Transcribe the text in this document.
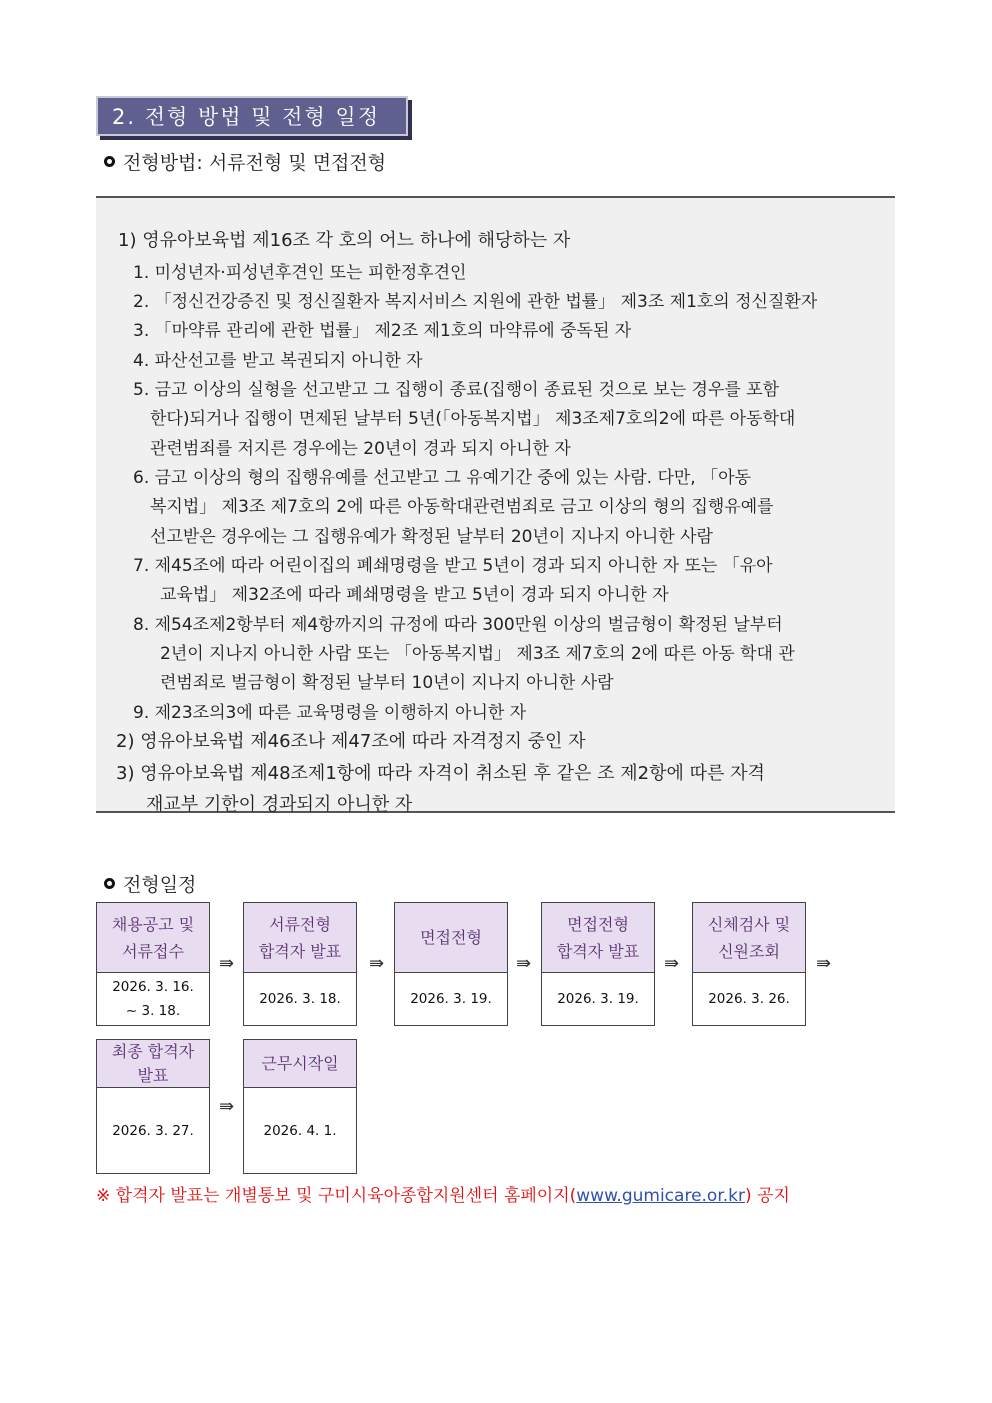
2. 전형 방법 및 전형 일정
전형방법: 서류전형 및 면접전형
1) 영유아보육법 제16조 각 호의 어느 하나에 해당하는 자
1. 미성년자·피성년후견인 또는 피한정후견인
2. 「정신건강증진 및 정신질환자 복지서비스 지원에 관한 법률」 제3조 제1호의 정신질환자
3. 「마약류 관리에 관한 법률」 제2조 제1호의 마약류에 중독된 자
4. 파산선고를 받고 복권되지 아니한 자
5. 금고 이상의 실형을 선고받고 그 집행이 종료(집행이 종료된 것으로 보는 경우를 포함
한다)되거나 집행이 면제된 날부터 5년(「아동복지법」 제3조제7호의2에 따른 아동학대
관련범죄를 저지른 경우에는 20년이 경과 되지 아니한 자
6. 금고 이상의 형의 집행유예를 선고받고 그 유예기간 중에 있는 사람. 다만, 「아동
복지법」 제3조 제7호의 2에 따른 아동학대관련범죄로 금고 이상의 형의 집행유예를
선고받은 경우에는 그 집행유예가 확정된 날부터 20년이 지나지 아니한 사람
7. 제45조에 따라 어린이집의 폐쇄명령을 받고 5년이 경과 되지 아니한 자 또는 「유아
교육법」 제32조에 따라 폐쇄명령을 받고 5년이 경과 되지 아니한 자
8. 제54조제2항부터 제4항까지의 규정에 따라 300만원 이상의 벌금형이 확정된 날부터
2년이 지나지 아니한 사람 또는 「아동복지법」 제3조 제7호의 2에 따른 아동 학대 관
련범죄로 벌금형이 확정된 날부터 10년이 지나지 아니한 사람
9. 제23조의3에 따른 교육명령을 이행하지 아니한 자
2) 영유아보육법 제46조나 제47조에 따라 자격정지 중인 자
3) 영유아보육법 제48조제1항에 따라 자격이 취소된 후 같은 조 제2항에 따른 자격
재교부 기한이 경과되지 아니한 자
전형일정
채용공고 및
서류접수
2026. 3. 16.
~ 3. 18.
⇛
서류전형
합격자 발표
2026. 3. 18.
⇛
면접전형
2026. 3. 19.
⇛
면접전형
합격자 발표
2026. 3. 19.
⇛
신체검사 및
신원조회
2026. 3. 26.
⇛
최종 합격자
발표
2026. 3. 27.
⇛
근무시작일
2026. 4. 1.
※ 합격자 발표는 개별통보 및 구미시육아종합지원센터 홈페이지(www.gumicare.or.kr) 공지
